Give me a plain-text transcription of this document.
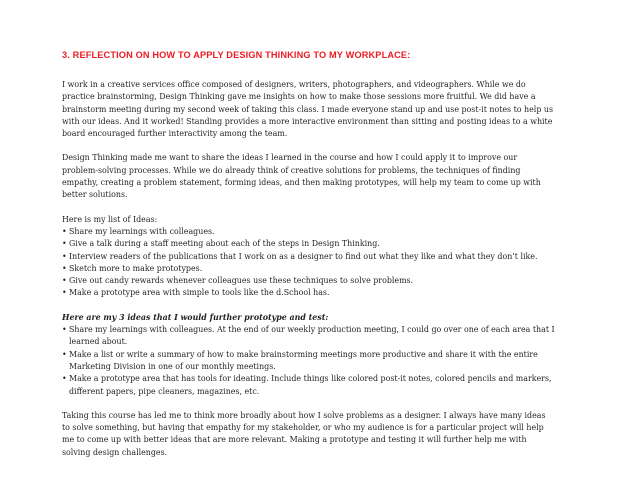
3. REFLECTION ON HOW TO APPLY DESIGN THINKING TO MY WORKPLACE:

I work in a creative services office composed of designers, writers, photographers, and videographers. While we do
practice brainstorming, Design Thinking gave me insights on how to make those sessions more fruitful. We did have a
brainstorm meeting during my second week of taking this class. I made everyone stand up and use post-it notes to help us
with our ideas. And it worked! Standing provides a more interactive environment than sitting and posting ideas to a white
board encouraged further interactivity among the team.

Design Thinking made me want to share the ideas I learned in the course and how I could apply it to improve our
problem-solving processes. While we do already think of creative solutions for problems, the techniques of finding
empathy, creating a problem statement, forming ideas, and then making prototypes, will help my team to come up with
better solutions.

Here is my list of Ideas:
• Share my learnings with colleagues.
• Give a talk during a staff meeting about each of the steps in Design Thinking.
• Interview readers of the publications that I work on as a designer to find out what they like and what they don’t like.
• Sketch more to make prototypes.
• Give out candy rewards whenever colleagues use these techniques to solve problems.
• Make a prototype area with simple to tools like the d.School has.
Here are my 3 ideas that I would further prototype and test:
• Share my learnings with colleagues. At the end of our weekly production meeting, I could go over one of each area that I
learned about.
• Make a list or write a summary of how to make brainstorming meetings more productive and share it with the entire
Marketing Division in one of our monthly meetings.
• Make a prototype area that has tools for ideating. Include things like colored post-it notes, colored pencils and markers,
different papers, pipe cleaners, magazines, etc.

Taking this course has led me to think more broadly about how I solve problems as a designer. I always have many ideas
to solve something, but having that empathy for my stakeholder, or who my audience is for a particular project will help
me to come up with better ideas that are more relevant. Making a prototype and testing it will further help me with
solving design challenges.
